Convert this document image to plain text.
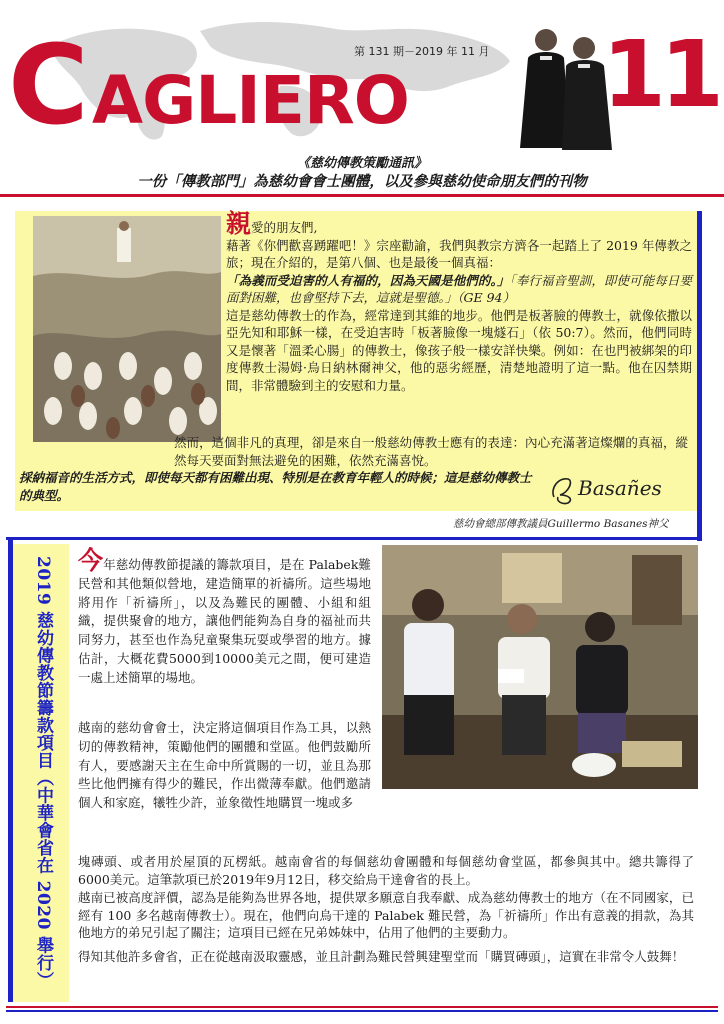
C AGLIERO
第 131 期－2019 年 11 月 11
《慈幼傳教策勵通訊》
一份「傳教部門」為慈幼會會士團體，以及參與慈幼使命朋友們的刊物
親愛的朋友們,
藉著《你們歡喜踴躍吧！》宗座勸諭，我們與教宗方濟各一起踏上了 2019 年傳教之旅；現在介紹的，是第八個、也是最後一個真福：
「為義而受迫害的人有福的，因為天國是他們的。」「奉行福音聖訓，即使可能每日要面對困難，也會堅持下去，這就是聖德。」（GE 94）
這是慈幼傳教士的作為，經常達到其維的地步。他們是板著臉的傳教士，就像依撒以亞先知和耶穌一樣，在受迫害時「板著臉像一塊燧石」（依 50:7）。然而，他們同時又是懷著「溫柔心腸」的傳教士，像孩子般一樣安詳快樂。例如：在也門被綁架的印度傳教士湯姆·烏日納林爾神父，他的惡劣經歷，清楚地證明了這一點。他在囚禁期間，非常體驗到主的安慰和力量。
然而，這個非凡的真理，卻是來自一般慈幼傳教士應有的表達：內心充滿著這燦爛的真福，縱然每天要面對無法避免的困難，依然充滿喜悅。
採納福音的生活方式，即使每天都有困難出現、特別是在教育年輕人的時候；這是慈幼傳教士的典型。	Basañes
慈幼會總部傳教議員Guillermo Basanes神父
2019 慈幼傳教節籌款項目（中華會省在 2020 舉行） 今年慈幼傳教節提議的籌款項目，是在 Palabek難民營和其他類似營地，建造簡單的祈禱所。這些場地將用作「祈禱所」，以及為難民的團體、小組和組織，提供聚會的地方，讓他們能夠為自身的福祉而共同努力，甚至也作為兒童聚集玩耍或學習的地方。據估計，大概花費5000到10000美元之間，便可建造一處上述簡單的場地。
越南的慈幼會會士，決定將這個項目作為工具，以熱切的傳教精神，策勵他們的團體和堂區。他們鼓勵所有人，要感謝天主在生命中所賞賜的一切，並且為那些比他們擁有得少的難民，作出微薄奉獻。他們邀請個人和家庭，犧牲少許，並象徵性地購買一塊或多
塊磚頭、或者用於屋頂的瓦楞紙。越南會省的每個慈幼會團體和每個慈幼會堂區，都參與其中。總共籌得了6000美元。這筆款項已於2019年9月12日，移交給烏干達會省的長上。
越南已被高度評價，認為是能夠為世界各地，提供眾多願意自我奉獻、成為慈幼傳教士的地方（在不同國家，已經有 100 多名越南傳教士）。現在，他們向烏干達的 Palabek 難民營，為「祈禱所」作出有意義的捐款，為其他地方的弟兄引起了關注；這項目已經在兄弟姊妹中，佔用了他們的主要動力。
得知其他許多會省，正在從越南汲取靈感，並且計劃為難民營興建聖堂而「購買磚頭」，這實在非常令人鼓舞！
